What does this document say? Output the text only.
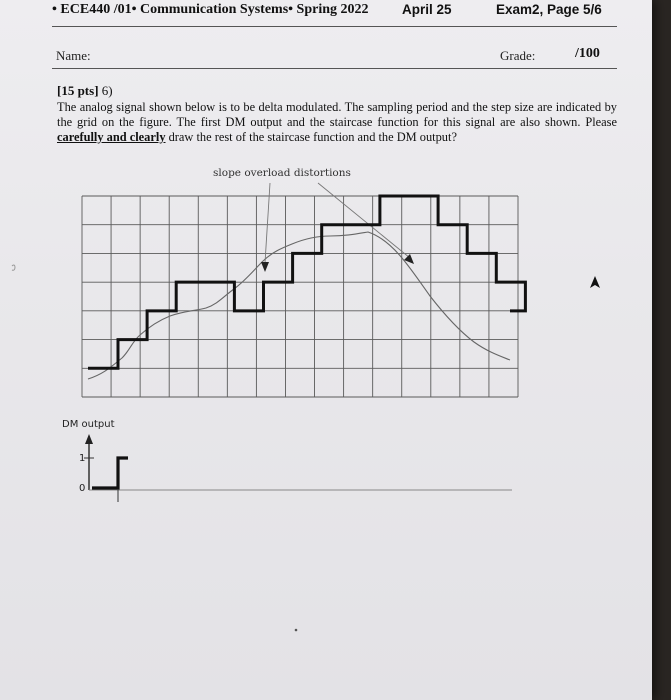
• ECE440 /01• Communication Systems• Spring 2022 April 25	Exam2, Page 5/6
Name:	Grade:	/100
[15 pts] 6)
The analog signal shown below is to be delta modulated. The sampling period and the step size are indicated by the grid on the figure. The first DM output and the staircase function for this signal are also shown. Please carefully and clearly draw the rest of the staircase function and the DM output?
slope overload distortions
DM output
1
0
